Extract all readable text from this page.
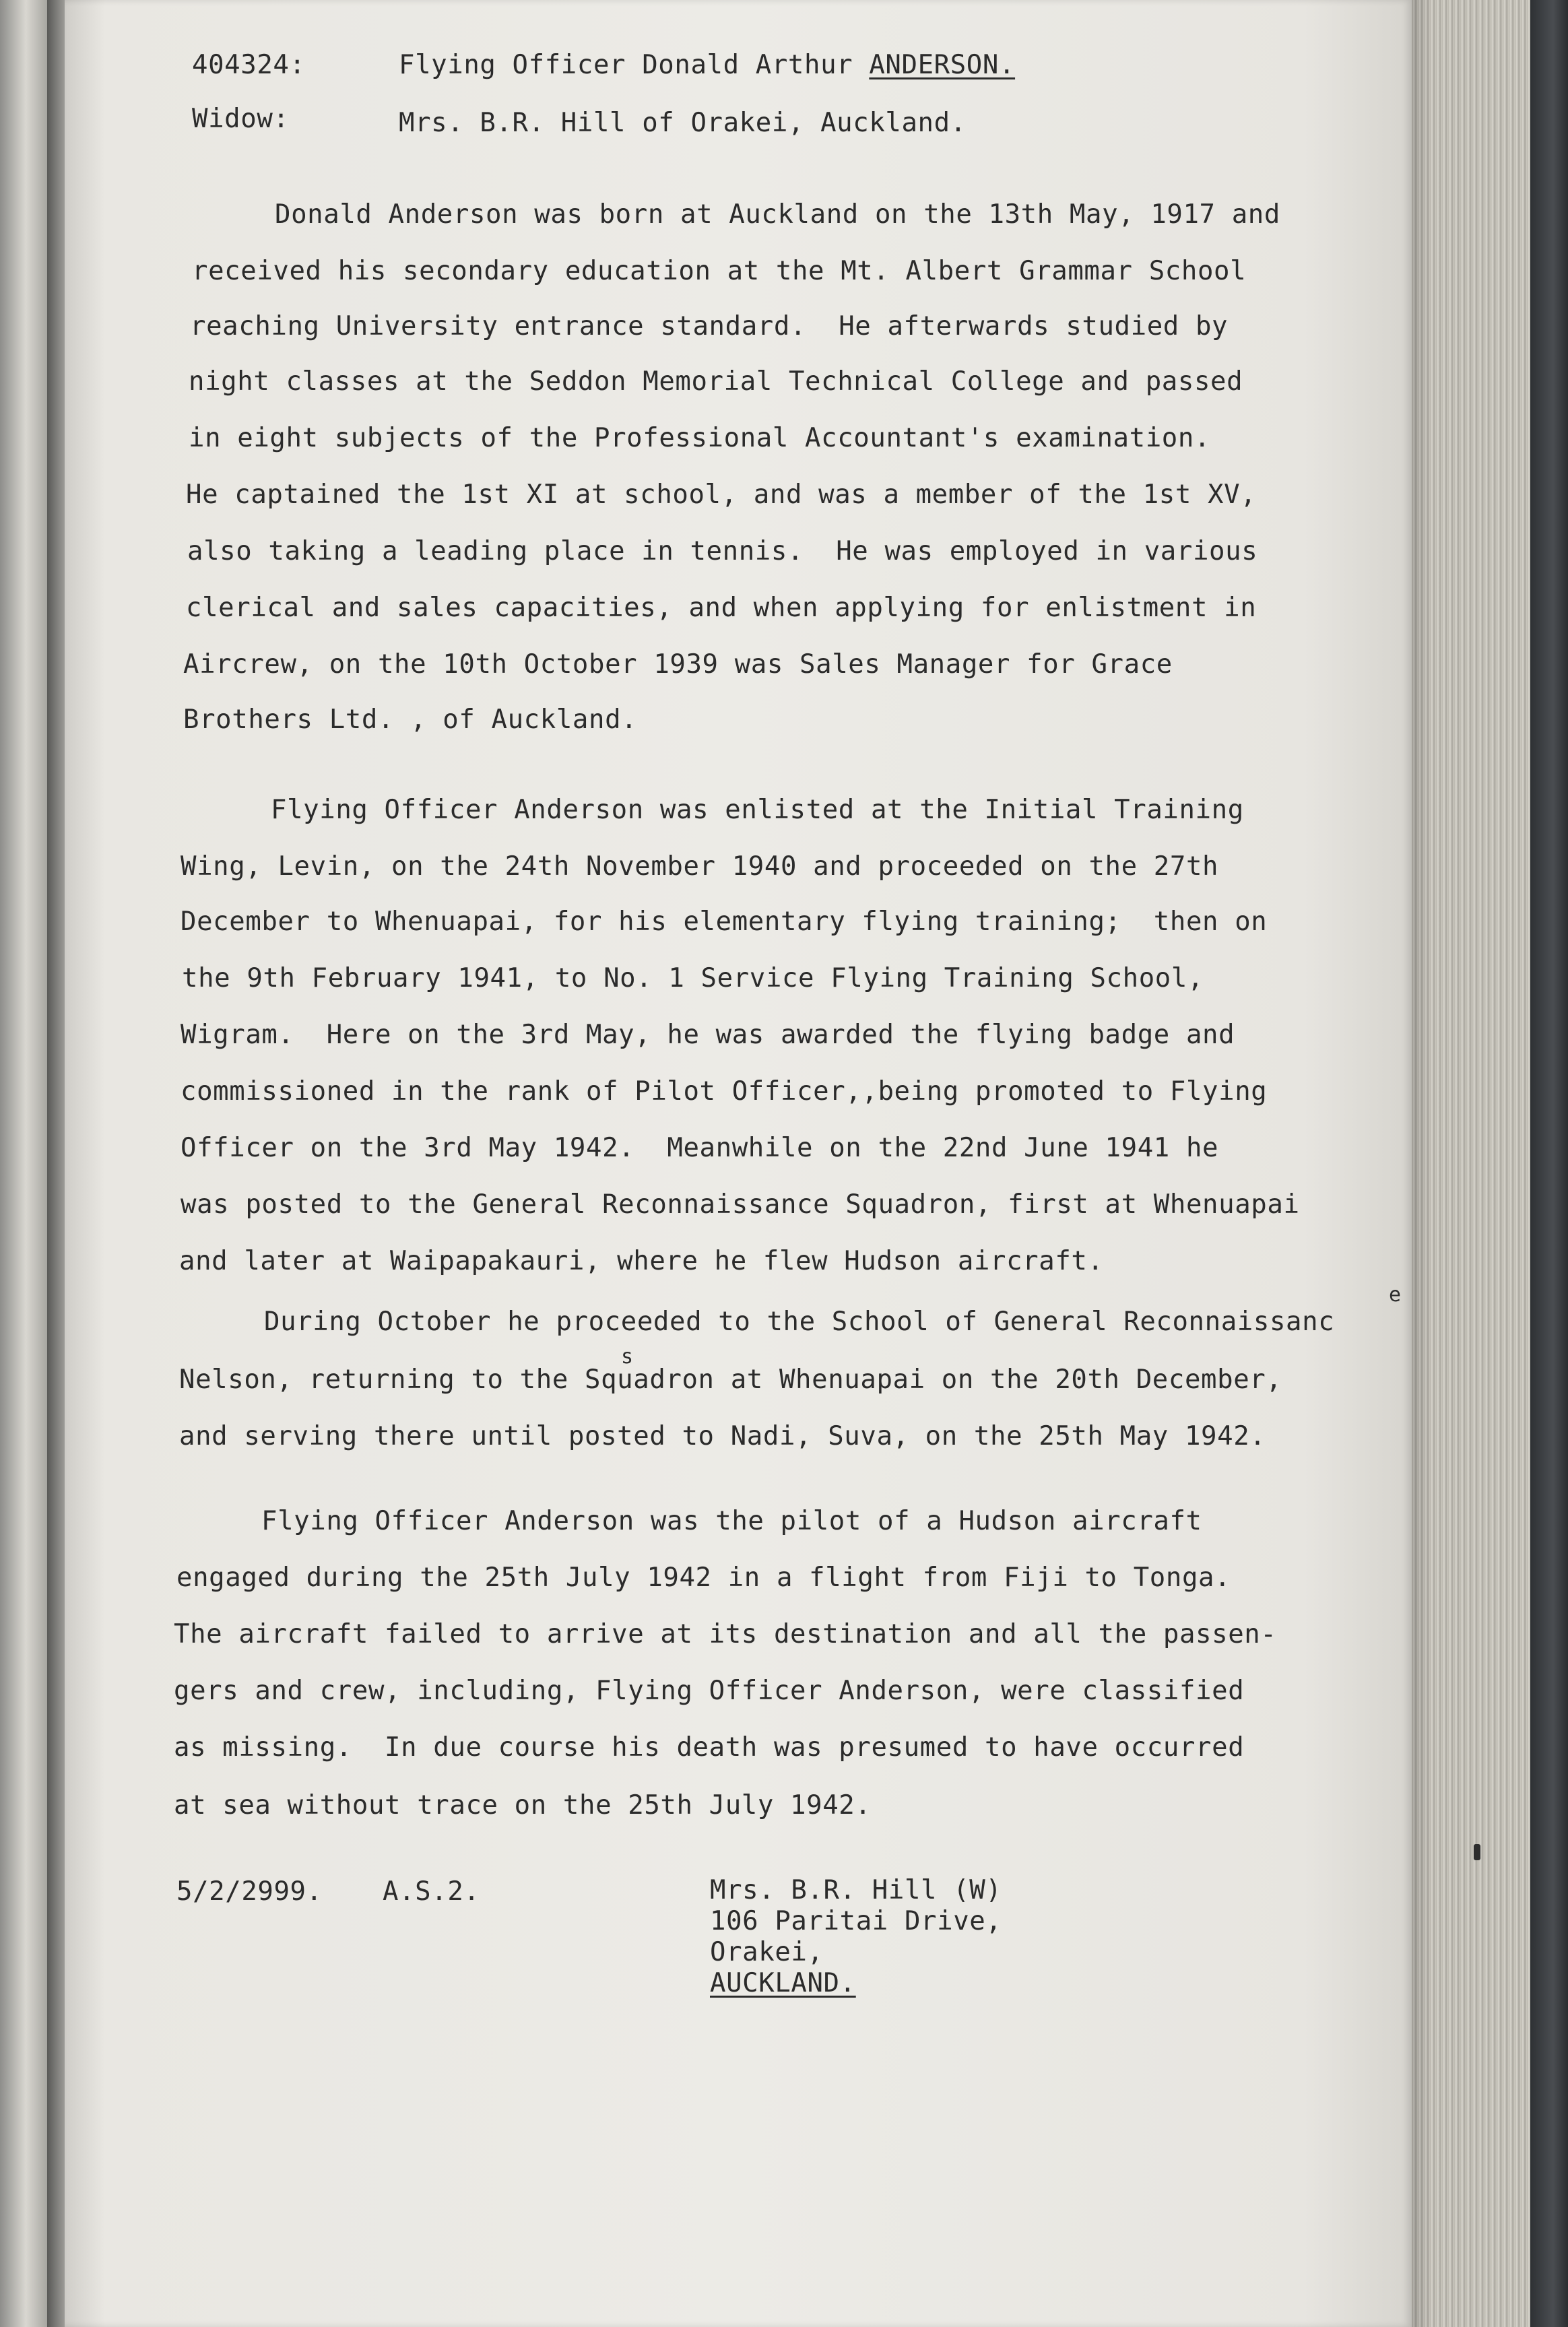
404324:	Flying Officer Donald Arthur ANDERSON.
Widow:	Mrs. B.R. Hill of Orakei, Auckland.
Donald Anderson was born at Auckland on the 13th May, 1917 and
received his secondary education at the Mt. Albert Grammar School
reaching University entrance standard.  He afterwards studied by
night classes at the Seddon Memorial Technical College and passed
in eight subjects of the Professional Accountant's examination.
He captained the 1st XI at school, and was a member of the 1st XV,
also taking a leading place in tennis.  He was employed in various
clerical and sales capacities, and when applying for enlistment in
Aircrew, on the 10th October 1939 was Sales Manager for Grace
Brothers Ltd. , of Auckland.
Flying Officer Anderson was enlisted at the Initial Training
Wing, Levin, on the 24th November 1940 and proceeded on the 27th
December to Whenuapai, for his elementary flying training;  then on
the 9th February 1941, to No. 1 Service Flying Training School,
Wigram.  Here on the 3rd May, he was awarded the flying badge and
commissioned in the rank of Pilot Officer,,being promoted to Flying
Officer on the 3rd May 1942.  Meanwhile on the 22nd June 1941 he
was posted to the General Reconnaissance Squadron, first at Whenuapai
and later at Waipapakauri, where he flew Hudson aircraft.
e
During October he proceeded to the School of General Reconnaissanc
s
Nelson, returning to the Squadron at Whenuapai on the 20th December,
and serving there until posted to Nadi, Suva, on the 25th May 1942.
Flying Officer Anderson was the pilot of a Hudson aircraft
engaged during the 25th July 1942 in a flight from Fiji to Tonga.
The aircraft failed to arrive at its destination and all the passen-
gers and crew, including, Flying Officer Anderson, were classified
as missing.  In due course his death was presumed to have occurred
at sea without trace on the 25th July 1942.
5/2/2999. A.S.2.	Mrs. B.R. Hill (W)
106 Paritai Drive,
Orakei,
AUCKLAND.
